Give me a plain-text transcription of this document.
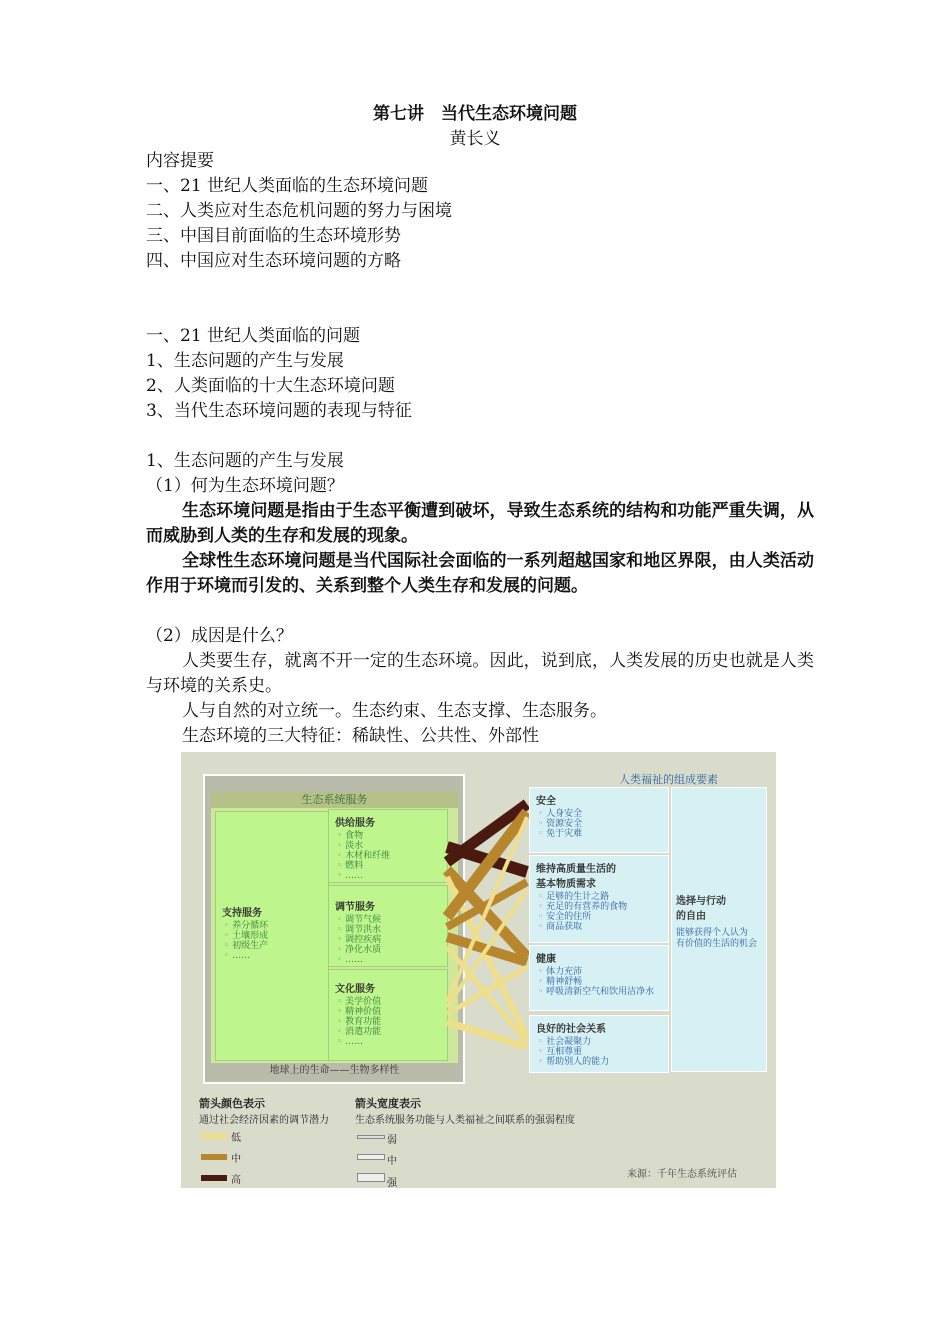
第七讲　当代生态环境问题
黄长义
内容提要
一、21 世纪人类面临的生态环境问题
二、人类应对生态危机问题的努力与困境
三、中国目前面临的生态环境形势
四、中国应对生态环境问题的方略
一、21 世纪人类面临的问题
1、生态问题的产生与发展
2、人类面临的十大生态环境问题
3、当代生态环境问题的表现与特征
1、生态问题的产生与发展
（1）何为生态环境问题？
生态环境问题是指由于生态平衡遭到破坏，导致生态系统的结构和功能严重失调，从而威胁到人类的生存和发展的现象。
全球性生态环境问题是当代国际社会面临的一系列超越国家和地区界限，由人类活动作用于环境而引发的、关系到整个人类生存和发展的问题。
（2）成因是什么？
人类要生存，就离不开一定的生态环境。因此，说到底，人类发展的历史也就是人类与环境的关系史。
人与自然的对立统一。生态约束、生态支撑、生态服务。
生态环境的三大特征：稀缺性、公共性、外部性
生态系统服务
支持服务
◦ 养分循环
◦ 土壤形成
◦ 初级生产
◦ ……
供给服务
◦ 食物
◦ 淡水
◦ 木材和纤维
◦ 燃料
◦ ……
调节服务
◦ 调节气候
◦ 调节洪水
◦ 调控疾病
◦ 净化水质
◦ ……
文化服务
◦ 美学价值
◦ 精神价值
◦ 教育功能
◦ 消遣功能
◦ ……
地球上的生命——生物多样性
人类福祉的组成要素
安全
◦ 人身安全
◦ 资源安全
◦ 免于灾难
维持高质量生活的
基本物质需求
◦ 足够的生计之路
◦ 充足的有营养的食物
◦ 安全的住所
◦ 商品获取
健康
◦ 体力充沛
◦ 精神舒畅
◦ 呼吸清新空气和饮用洁净水
良好的社会关系
◦ 社会凝聚力
◦ 互相尊重
◦ 帮助别人的能力
选择与行动
的自由
能够获得个人认为
有价值的生活的机会
箭头颜色表示
通过社会经济因素的调节潜力
低
中
高
箭头宽度表示
生态系统服务功能与人类福祉之间联系的强弱程度
弱
中
强
来源：千年生态系统评估
